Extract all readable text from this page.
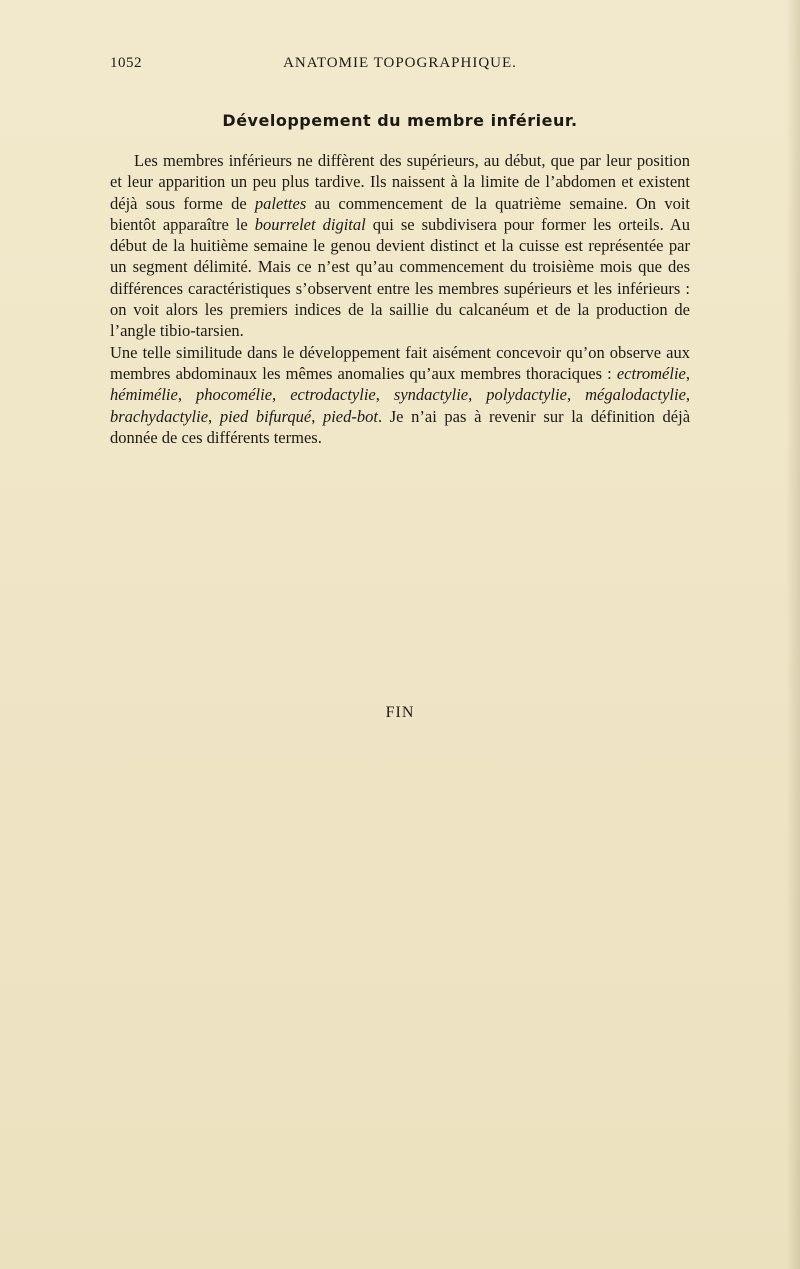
1052	ANATOMIE TOPOGRAPHIQUE.
Développement du membre inférieur.

Les membres inférieurs ne diffèrent des supérieurs, au début, que par leur position et leur apparition un peu plus tardive. Ils naissent à la limite de l’abdomen et existent déjà sous forme de palettes au commencement de la quatrième semaine. On voit bientôt apparaître le bourrelet digital qui se subdivisera pour former les orteils. Au début de la huitième semaine le genou devient distinct et la cuisse est représentée par un segment délimité. Mais ce n’est qu’au commencement du troisième mois que des différences caractéristiques s’observent entre les membres supérieurs et les inférieurs : on voit alors les premiers indices de la saillie du calcanéum et de la production de l’angle tibio-tarsien.

Une telle similitude dans le développement fait aisément concevoir qu’on observe aux membres abdominaux les mêmes anomalies qu’aux membres thoraciques : ectromélie, hémimélie, phocomélie, ectrodactylie, syndactylie, polydactylie, mégalodactylie, brachydactylie, pied bifurqué, pied-bot. Je n’ai pas à revenir sur la définition déjà donnée de ces différents termes.

FIN
